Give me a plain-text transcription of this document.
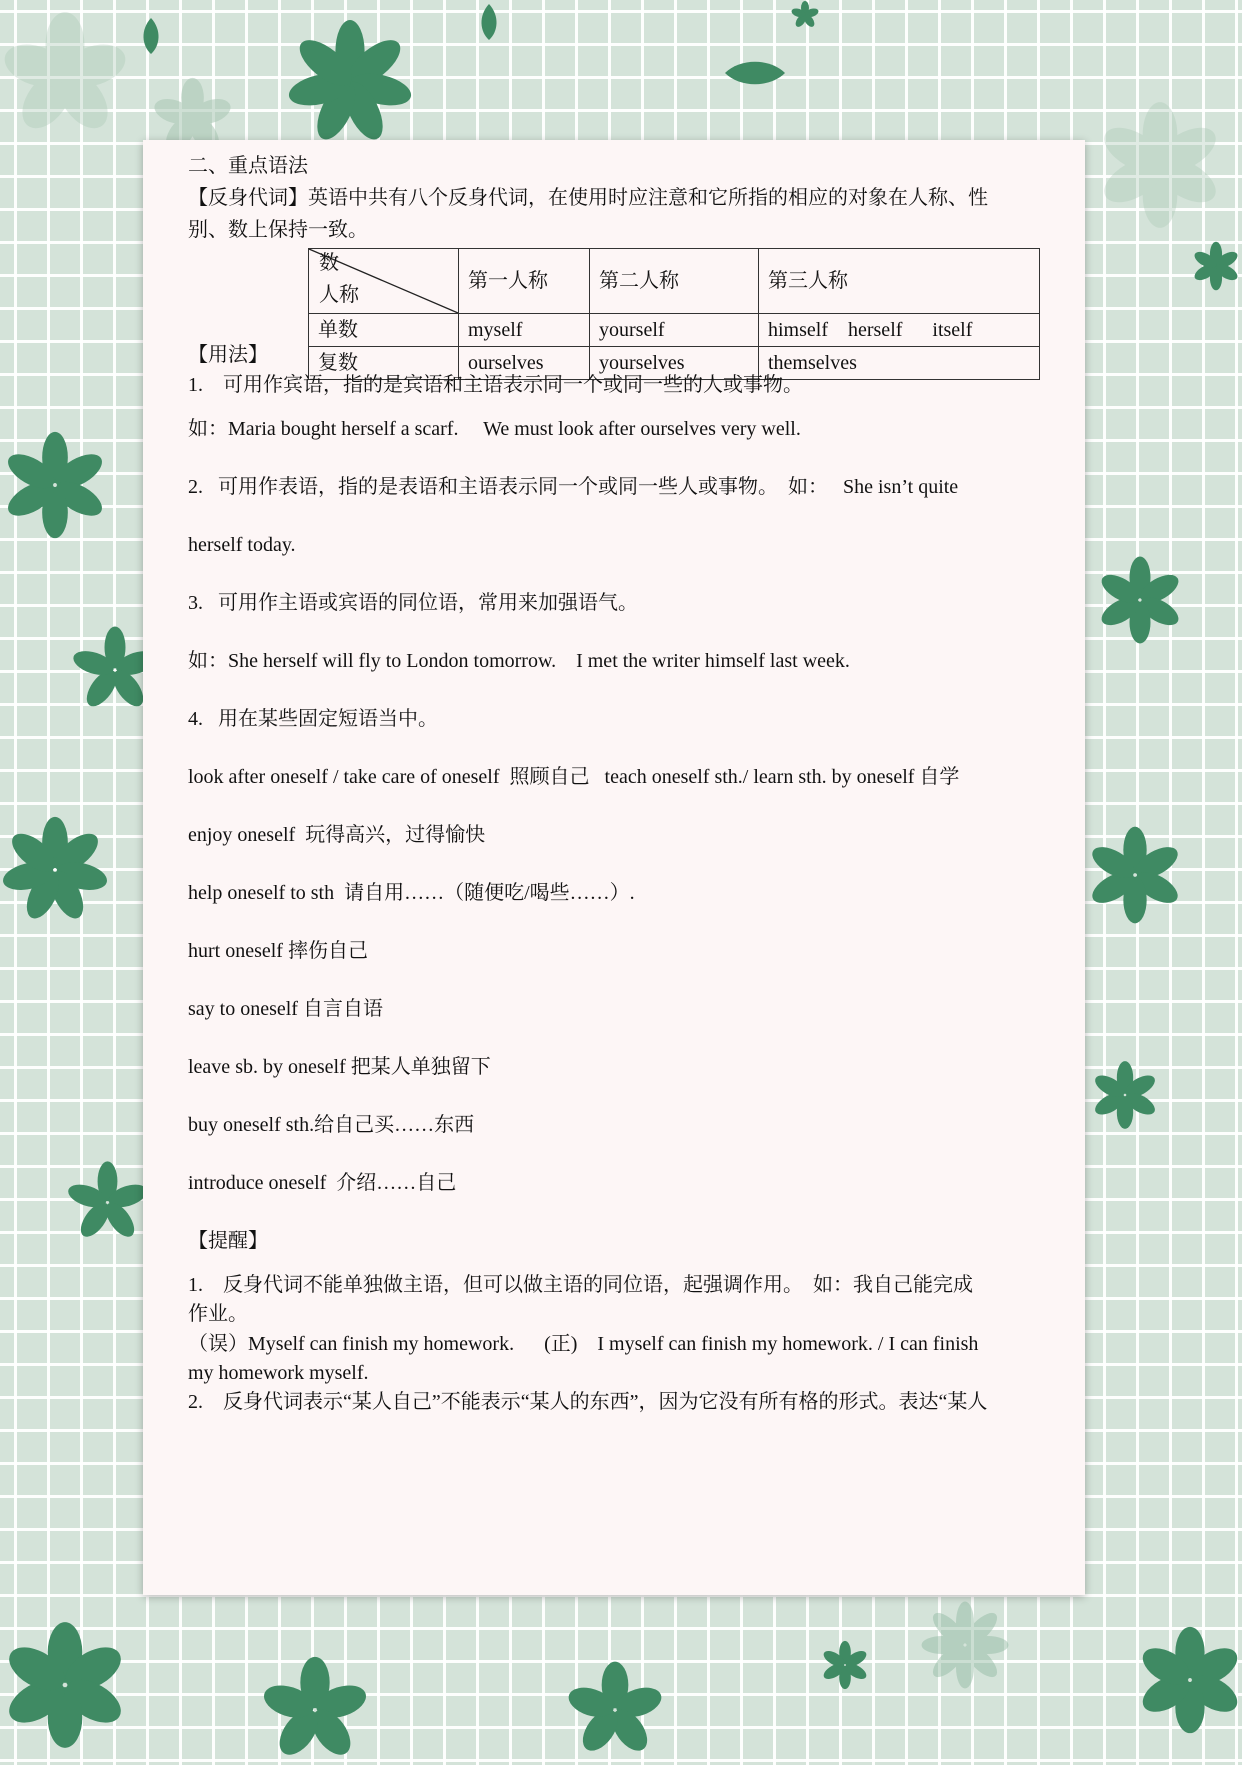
二、重点语法
【反身代词】英语中共有八个反身代词，在使用时应注意和它所指的相应的对象在人称、性
别、数上保持一致。
数
人称	第一人称	第二人称	第三人称
单数	myself	yourself	himself    herself      itself
复数	ourselves	yourselves	themselves
【用法】
1.    可用作宾语，指的是宾语和主语表示同一个或同一些的人或事物。
如：Maria bought herself a scarf.     We must look after ourselves very well.
2.   可用作表语，指的是表语和主语表示同一个或同一些人或事物。  如：   She isn’t quite
herself today.
3.   可用作主语或宾语的同位语，常用来加强语气。
如：She herself will fly to London tomorrow.    I met the writer himself last week.
4.   用在某些固定短语当中。
look after oneself / take care of oneself  照顾自己   teach oneself sth./ learn sth. by oneself 自学
enjoy oneself  玩得高兴，过得愉快
help oneself to sth  请自用……（随便吃/喝些……）.
hurt oneself 摔伤自己
say to oneself 自言自语
leave sb. by oneself 把某人单独留下
buy oneself sth.给自己买……东西
introduce oneself  介绍……自己
【提醒】
1.    反身代词不能单独做主语，但可以做主语的同位语，起强调作用。  如：我自己能完成
作业。
（误）Myself can finish my homework.      (正)    I myself can finish my homework. / I can finish
my homework myself.
2.    反身代词表示“某人自己”不能表示“某人的东西”，因为它没有所有格的形式。表达“某人
